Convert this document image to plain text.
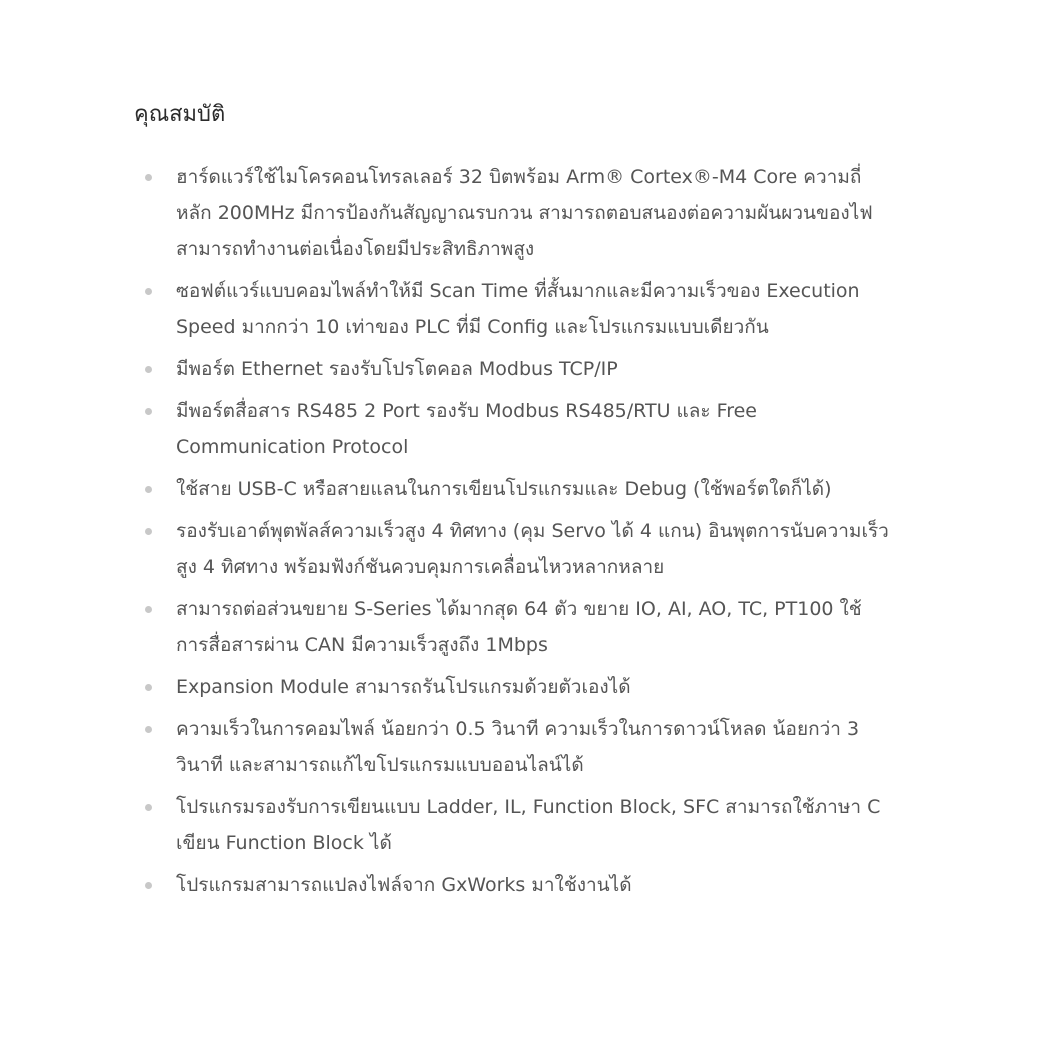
คุณสมบัติ
ฮาร์ดแวร์ใช้ไมโครคอนโทรลเลอร์ 32 บิตพร้อม Arm® Cortex®-M4 Core ความถี่หลัก 200MHz มีการป้องกันสัญญาณรบกวน สามารถตอบสนองต่อความผันผวนของไฟ สามารถทำงานต่อเนื่องโดยมีประสิทธิภาพสูง
ซอฟต์แวร์แบบคอมไพล์ทำให้มี Scan Time ที่สั้นมากและมีความเร็วของ Execution Speed มากกว่า 10 เท่าของ PLC ที่มี Config และโปรแกรมแบบเดียวกัน
มีพอร์ต Ethernet รองรับโปรโตคอล Modbus TCP/IP
มีพอร์ตสื่อสาร RS485 2 Port รองรับ Modbus RS485/RTU และ Free Communication Protocol
ใช้สาย USB-C หรือสายแลนในการเขียนโปรแกรมและ Debug (ใช้พอร์ตใดก็ได้)
รองรับเอาต์พุตพัลส์ความเร็วสูง 4 ทิศทาง (คุม Servo ได้ 4 แกน) อินพุตการนับความเร็วสูง 4 ทิศทาง พร้อมฟังก์ชันควบคุมการเคลื่อนไหวหลากหลาย
สามารถต่อส่วนขยาย S-Series ได้มากสุด 64 ตัว ขยาย IO, AI, AO, TC, PT100 ใช้การสื่อสารผ่าน CAN มีความเร็วสูงถึง 1Mbps
Expansion Module สามารถรันโปรแกรมด้วยตัวเองได้
ความเร็วในการคอมไพล์ น้อยกว่า 0.5 วินาที ความเร็วในการดาวน์โหลด น้อยกว่า 3 วินาที และสามารถแก้ไขโปรแกรมแบบออนไลน์ได้
โปรแกรมรองรับการเขียนแบบ Ladder, IL, Function Block, SFC สามารถใช้ภาษา C เขียน Function Block ได้
โปรแกรมสามารถแปลงไฟล์จาก GxWorks มาใช้งานได้
